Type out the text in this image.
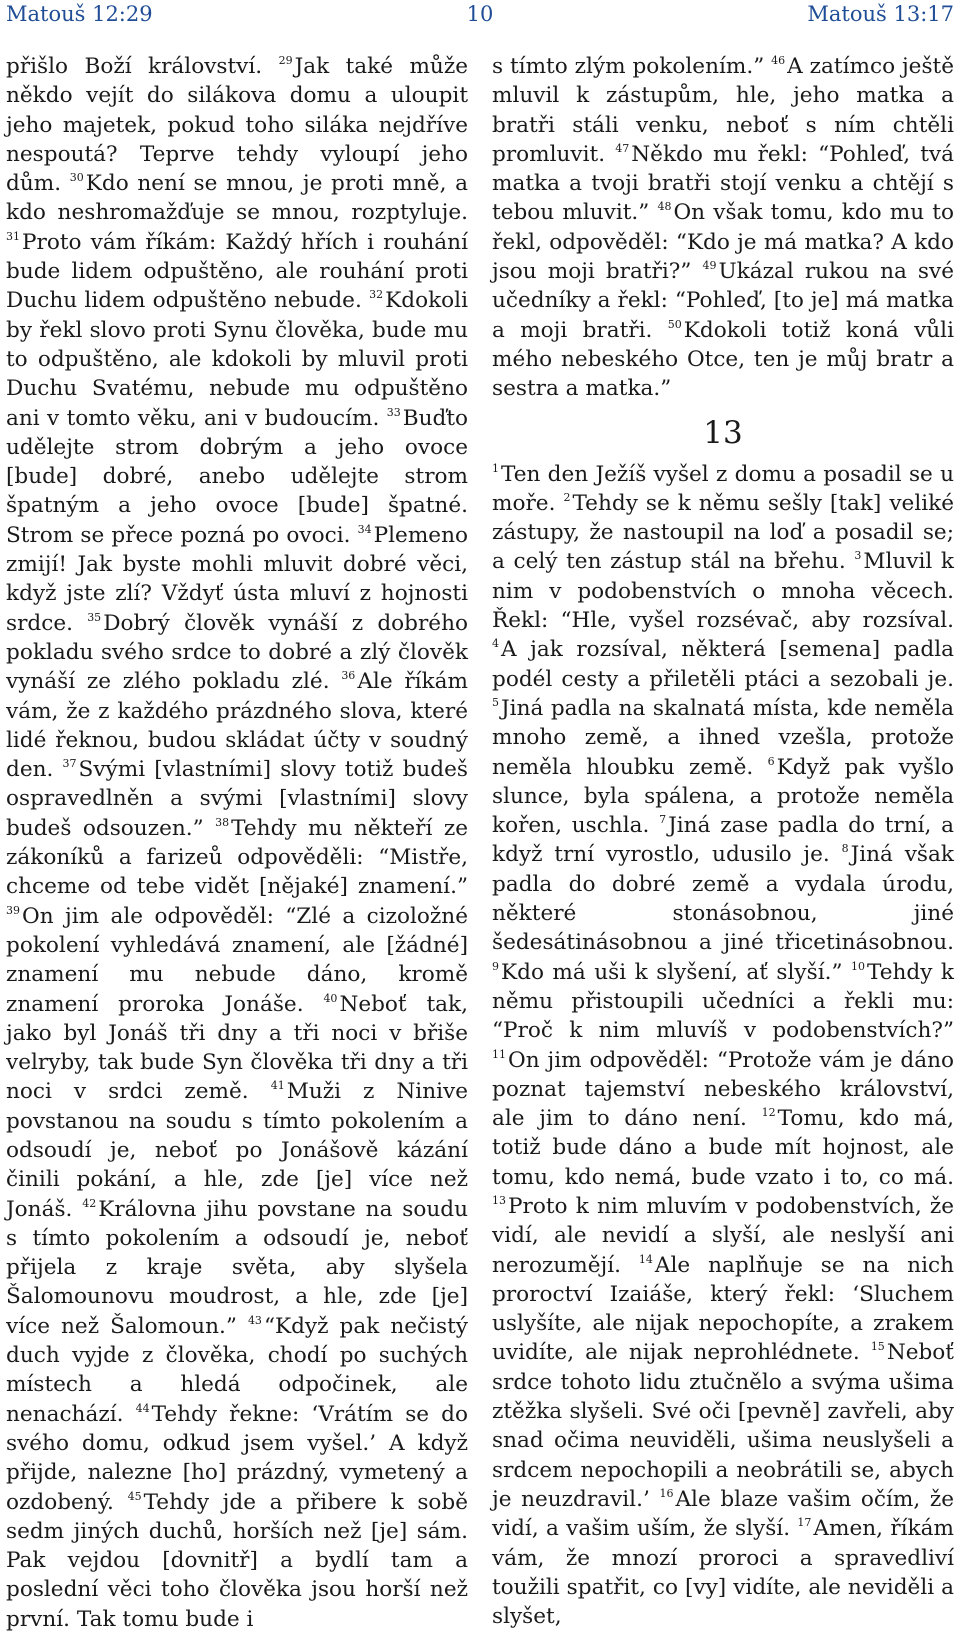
10
Matouš 12:29	Matouš 13:17

přišlo Boží království. $^{29}$Jak také může někdo vejít do silákova domu a uloupit jeho majetek, pokud toho siláka nejdříve nespoutá? Teprve tehdy vyloupí jeho dům. $^{30}$Kdo není se mnou, je proti mně, a kdo neshromažďuje se mnou, rozptyluje. $^{31}$Proto vám říkám: Každý hřích i rouhání bude lidem odpuštěno, ale rouhání proti Duchu lidem odpuštěno nebude. $^{32}$Kdokoli by řekl slovo proti Synu člověka, bude mu to odpuštěno, ale kdokoli by mluvil proti Duchu Svatému, nebude mu odpuštěno ani v tomto věku, ani v budoucím. $^{33}$Buďto udělejte strom dobrým a jeho ovoce [bude] dobré, anebo udělejte strom špatným a jeho ovoce [bude] špatné. Strom se přece pozná po ovoci. $^{34}$Plemeno zmijí! Jak byste mohli mluvit dobré věci, když jste zlí? Vždyť ústa mluví z hojnosti srdce. $^{35}$Dobrý člověk vynáší z dobrého pokladu svého srdce to dobré a zlý člověk vynáší ze zlého pokladu zlé. $^{36}$Ale říkám vám, že z každého prázdného slova, které lidé řeknou, budou skládat účty v soudný den. $^{37}$Svými [vlastními] slovy totiž budeš ospravedlněn a svými [vlastními] slovy budeš odsouzen.” $^{38}$Tehdy mu někteří ze zákoníků a farizeů odpověděli: “Mistře, chceme od tebe vidět [nějaké] znamení.” $^{39}$On jim ale odpověděl: “Zlé a cizoložné pokolení vyhledává znamení, ale [žádné] znamení mu nebude dáno, kromě znamení proroka Jonáše. $^{40}$Neboť tak, jako byl Jonáš tři dny a tři noci v břiše velryby, tak bude Syn člověka tři dny a tři noci v srdci země. $^{41}$Muži z Ninive povstanou na soudu s tímto pokolením a odsoudí je, neboť po Jonášově kázání činili pokání, a hle, zde [je] více než Jonáš. $^{42}$Královna jihu povstane na soudu s tímto pokolením a odsoudí je, neboť přijela z kraje světa, aby slyšela Šalomounovu moudrost, a hle, zde [je] více než Šalomoun.” $^{43}$“Když pak nečistý duch vyjde z člověka, chodí po suchých místech a hledá odpočinek, ale nenachází. $^{44}$Tehdy řekne: ‘Vrátím se do svého domu, odkud jsem vyšel.’ A když přijde, nalezne [ho] prázdný, vymetený a ozdobený. $^{45}$Tehdy jde a přibere k sobě sedm jiných duchů, horších než [je] sám. Pak vejdou [dovnitř] a bydlí tam a poslední věci toho člověka jsou horší než první. Tak tomu bude i

s tímto zlým pokolením.” $^{46}$A zatímco ještě mluvil k zástupům, hle, jeho matka a bratři stáli venku, neboť s ním chtěli promluvit. $^{47}$Někdo mu řekl: “Pohleď, tvá matka a tvoji bratři stojí venku a chtějí s tebou mluvit.” $^{48}$On však tomu, kdo mu to řekl, odpověděl: “Kdo je má matka? A kdo jsou moji bratři?” $^{49}$Ukázal rukou na své učedníky a řekl: “Pohleď, [to je] má matka a moji bratři. $^{50}$Kdokoli totiž koná vůli mého nebeského Otce, ten je můj bratr a sestra a matka.”

13

$^1$Ten den Ježíš vyšel z domu a posadil se u moře. $^2$Tehdy se k němu sešly [tak] veliké zástupy, že nastoupil na loď a posadil se; a celý ten zástup stál na břehu. $^3$Mluvil k nim v podobenstvích o mnoha věcech. Řekl: “Hle, vyšel rozsévač, aby rozsíval. $^4$A jak rozsíval, některá [semena] padla podél cesty a přiletěli ptáci a sezobali je. $^5$Jiná padla na skalnatá místa, kde neměla mnoho země, a ihned vzešla, protože neměla hloubku země. $^6$Když pak vyšlo slunce, byla spálena, a protože neměla kořen, uschla. $^7$Jiná zase padla do trní, a když trní vyrostlo, udusilo je. $^8$Jiná však padla do dobré země a vydala úrodu, některé stonásobnou, jiné šedesátinásobnou a jiné třicetinásobnou. $^9$Kdo má uši k slyšení, ať slyší.” $^{10}$Tehdy k němu přistoupili učedníci a řekli mu: “Proč k nim mluvíš v podobenstvích?” $^{11}$On jim odpověděl: “Protože vám je dáno poznat tajemství nebeského království, ale jim to dáno není. $^{12}$Tomu, kdo má, totiž bude dáno a bude mít hojnost, ale tomu, kdo nemá, bude vzato i to, co má. $^{13}$Proto k nim mluvím v podobenstvích, že vidí, ale nevidí a slyší, ale neslyší ani nerozumějí. $^{14}$Ale naplňuje se na nich proroctví Izaiáše, který řekl: ‘Sluchem uslyšíte, ale nijak nepochopíte, a zrakem uvidíte, ale nijak neprohlédnete. $^{15}$Neboť srdce tohoto lidu ztučnělo a svýma ušima ztěžka slyšeli. Své oči [pevně] zavřeli, aby snad očima neuviděli, ušima neuslyšeli a srdcem nepochopili a neobrátili se, abych je neuzdravil.’ $^{16}$Ale blaze vašim očím, že vidí, a vašim uším, že slyší. $^{17}$Amen, říkám vám, že mnozí proroci a spravedliví toužili spatřit, co [vy] vidíte, ale neviděli a slyšet,
